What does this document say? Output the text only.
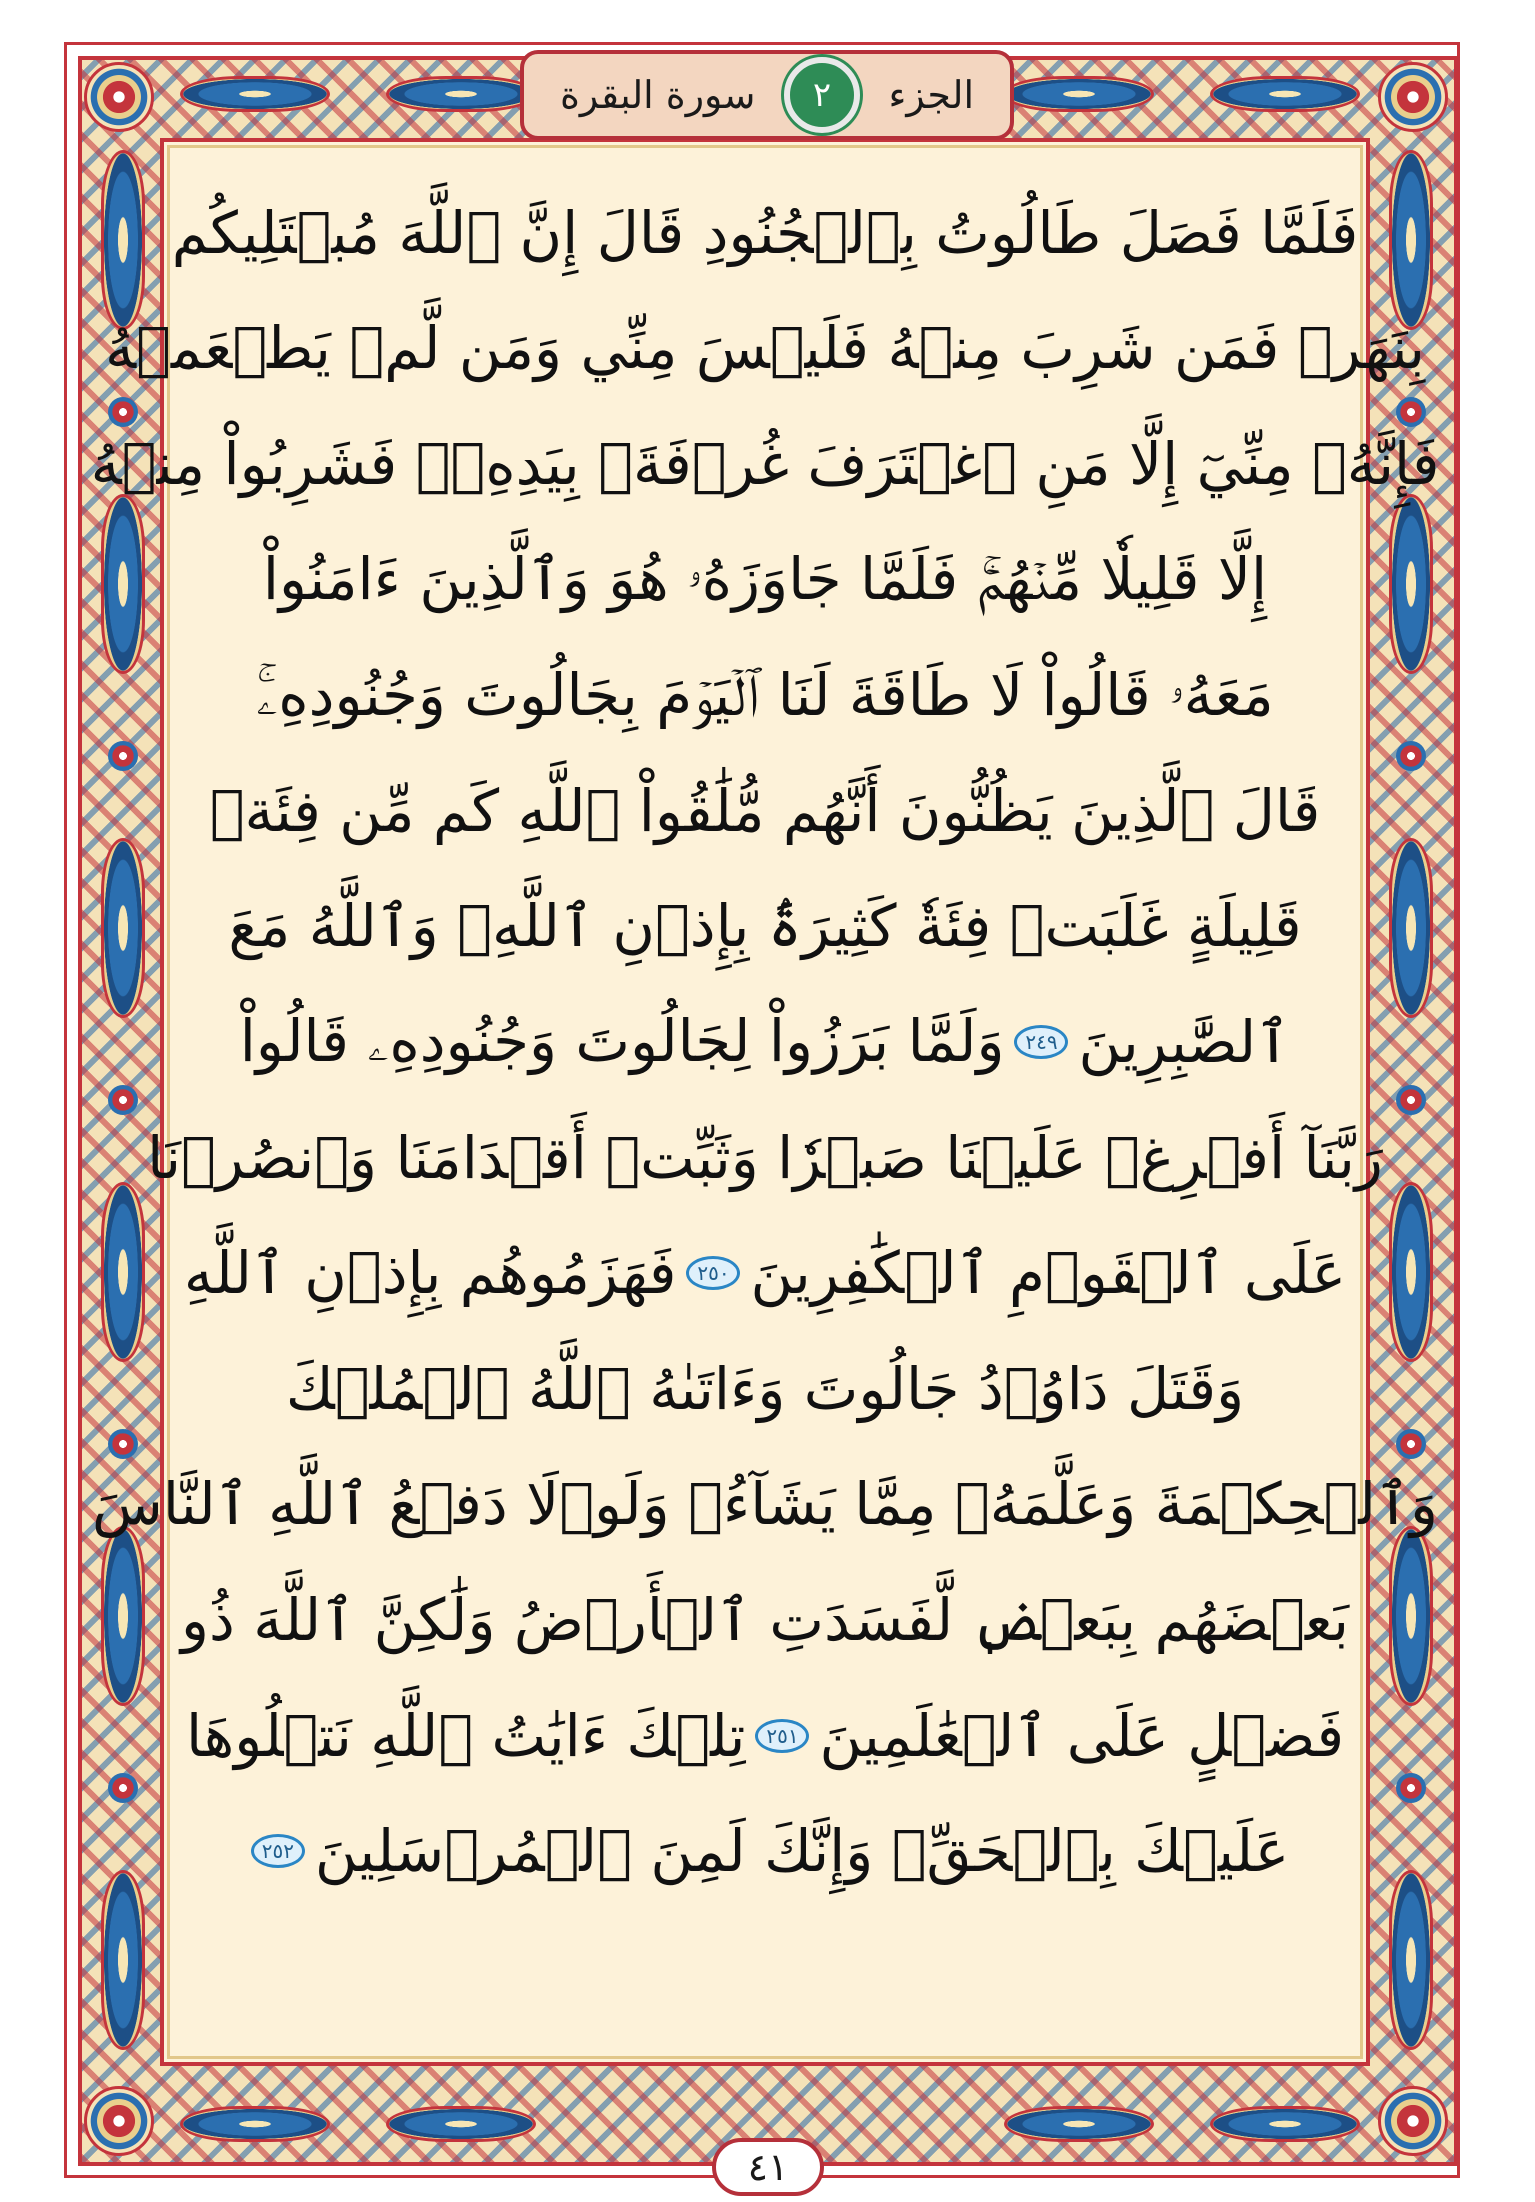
الجزء
٢
سورة البقرة
فَلَمَّا فَصَلَ طَالُوتُ بِٱلۡجُنُودِ قَالَ إِنَّ ٱللَّهَ مُبۡتَلِيكُم
بِنَهَرٖ فَمَن شَرِبَ مِنۡهُ فَلَيۡسَ مِنِّي وَمَن لَّمۡ يَطۡعَمۡهُ
فَإِنَّهُۥ مِنِّيٓ إِلَّا مَنِ ٱغۡتَرَفَ غُرۡفَةَۢ بِيَدِهِۦۚ فَشَرِبُواْ مِنۡهُ
إِلَّا قَلِيلٗا مِّنۡهُمۡۚ فَلَمَّا جَاوَزَهُۥ هُوَ وَٱلَّذِينَ ءَامَنُواْ
مَعَهُۥ قَالُواْ لَا طَاقَةَ لَنَا ٱلۡيَوۡمَ بِجَالُوتَ وَجُنُودِهِۦۚ
قَالَ ٱلَّذِينَ يَظُنُّونَ أَنَّهُم مُّلَٰقُواْ ٱللَّهِ كَم مِّن فِئَةٖ
قَلِيلَةٍ غَلَبَتۡ فِئَةٗ كَثِيرَةَۢ بِإِذۡنِ ٱللَّهِۗ وَٱللَّهُ مَعَ
ٱلصَّٰبِرِينَ
٢٤٩
وَلَمَّا بَرَزُواْ لِجَالُوتَ وَجُنُودِهِۦ قَالُواْ
رَبَّنَآ أَفۡرِغۡ عَلَيۡنَا صَبۡرٗا وَثَبِّتۡ أَقۡدَامَنَا وَٱنصُرۡنَا
عَلَى ٱلۡقَوۡمِ ٱلۡكَٰفِرِينَ
٢٥٠
فَهَزَمُوهُم بِإِذۡنِ ٱللَّهِ
وَقَتَلَ دَاوُۥدُ جَالُوتَ وَءَاتَىٰهُ ٱللَّهُ ٱلۡمُلۡكَ
وَٱلۡحِكۡمَةَ وَعَلَّمَهُۥ مِمَّا يَشَآءُۗ وَلَوۡلَا دَفۡعُ ٱللَّهِ ٱلنَّاسَ
بَعۡضَهُم بِبَعۡضٖ لَّفَسَدَتِ ٱلۡأَرۡضُ وَلَٰكِنَّ ٱللَّهَ ذُو
فَضۡلٍ عَلَى ٱلۡعَٰلَمِينَ
٢٥١
تِلۡكَ ءَايَٰتُ ٱللَّهِ نَتۡلُوهَا
عَلَيۡكَ بِٱلۡحَقِّۚ وَإِنَّكَ لَمِنَ ٱلۡمُرۡسَلِينَ
٢٥٢
٤١
